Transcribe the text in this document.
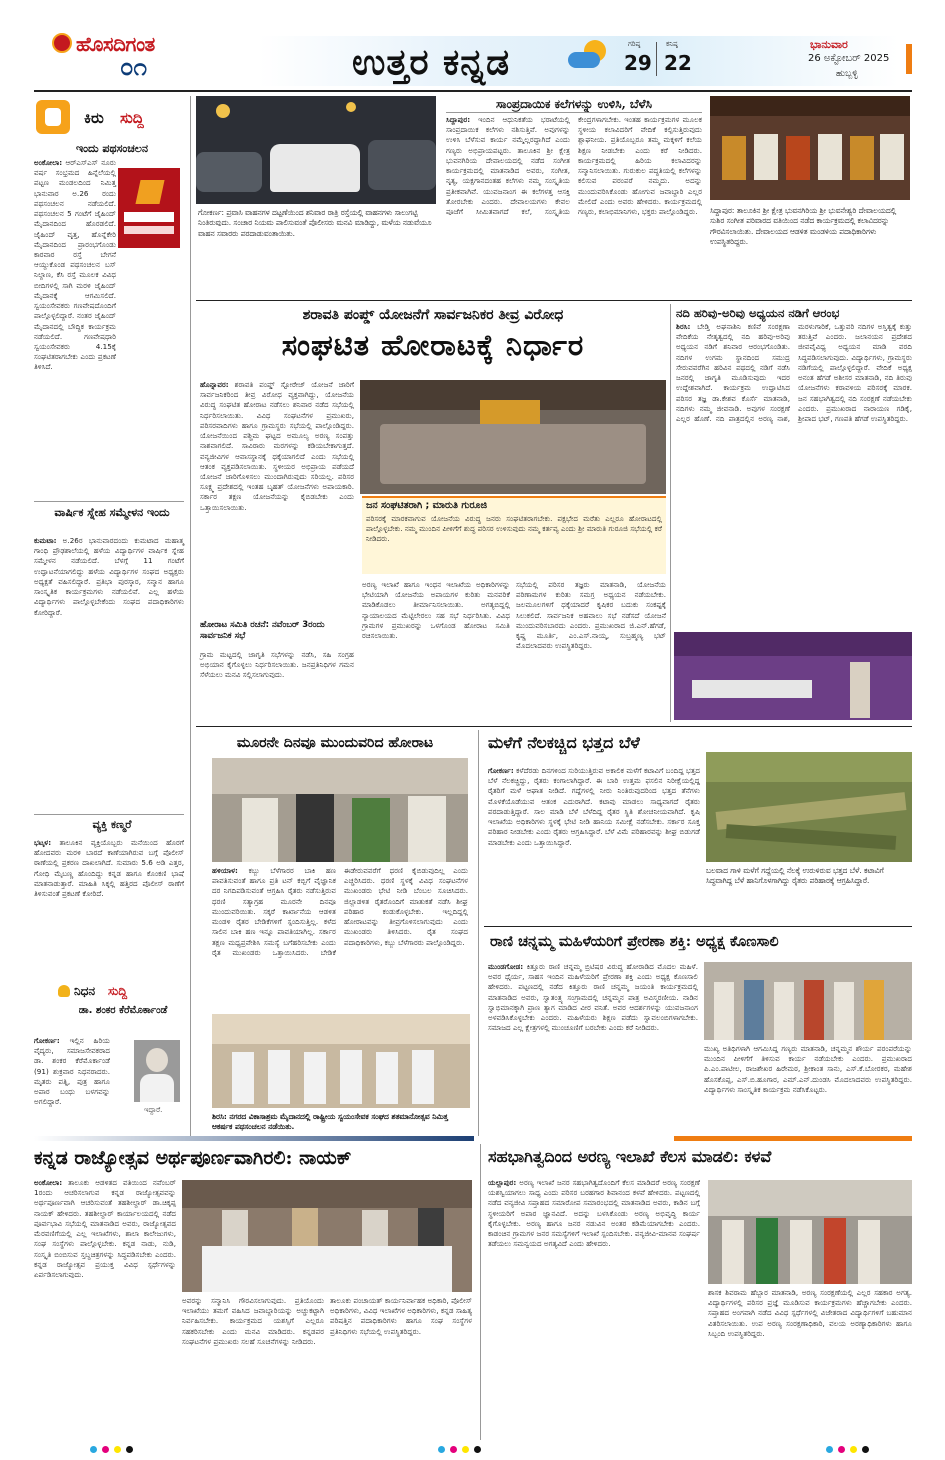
ಹೊಸದಿಗಂತ
೦೧	ಉತ್ತರ ಕನ್ನಡ	ಗರಿಷ್ಠ
29
ಕನಿಷ್ಠ
22
ಭಾನುವಾರ
26 ಅಕ್ಟೋಬರ್ 2025
ಹುಬ್ಬಳ್ಳಿ
ಕಿರು ಸುದ್ದಿ
ಇಂದು ಪಥಸಂಚಲನ
ಅಂಕೋಲಾ: ಆರ್‌ಎಸ್‌ಎಸ್ ನೂರು ವರ್ಷ ಸಂಭ್ರಮದ ಹಿನ್ನೆಲೆಯಲ್ಲಿ ಪಟ್ಟಣ ಮಂಡಲದಿಂದ ನಿಮಿತ್ತ ಭಾನುವಾರ ಅ.26 ರಂದು ಪಥಸಂಚಲನ ನಡೆಯಲಿದೆ. ಪಥಸಂಚಲನ 5 ಗಂಟೆಗೆ ಜೈಹಿಂದ್ ಮೈದಾನದಿಂದ ಹೊರಡಲಿದೆ. ಜೈಹಿಂದ್ ವೃತ್ತ, ಹೊನ್ನೆಕೇರಿ ಮೈದಾನದಿಂದ ಪ್ರಾರಂಭಗೊಂಡು ಕಾರವಾರ ರಸ್ತೆ ಬೇಗನೆ ಆಯ್ದುಕೊಂಡ ಪಥಸಂಚಲನ ಬಸ್ ನಿಲ್ದಾಣ, ಕೆಸಿ ರಸ್ತೆ ಮೂಲಕ ವಿವಿಧ ಬೀದಿಗಳಲ್ಲಿ ಸಾಗಿ ಮರಳಿ ಜೈಹಿಂದ್ ಮೈದಾನಕ್ಕೆ ಆಗಮಿಸಲಿದೆ. ಸ್ವಯಂಸೇವಕರು ಗಣವೇಷದೊಂದಿಗೆ ಪಾಲ್ಗೊಳ್ಳಲಿದ್ದಾರೆ. ನಂತರ ಜೈಹಿಂದ್ ಮೈದಾನದಲ್ಲಿ ಬೌದ್ಧಿಕ ಕಾರ್ಯಕ್ರಮ ನಡೆಯಲಿದೆ. ಗಣವೇಷಧಾರಿ ಸ್ವಯಂಸೇವಕರು 4.15ಕ್ಕೆ ಸಂಘಟಿತರಾಗಬೇಕು ಎಂದು ಪ್ರಕಟಣೆ ತಿಳಿಸಿದೆ.
ವಾರ್ಷಿಕ ಸ್ನೇಹ ಸಮ್ಮೇಳನ ಇಂದು
ಕುಮಟಾ: ಅ.26ರ ಭಾನುವಾರದಂದು ಕುಮಟಾದ ಮಹಾತ್ಮ ಗಾಂಧಿ ಪ್ರೌಢಶಾಲೆಯಲ್ಲಿ ಹಳೆಯ ವಿದ್ಯಾರ್ಥಿಗಳ ವಾರ್ಷಿಕ ಸ್ನೇಹ ಸಮ್ಮೇಳನ ನಡೆಯಲಿದೆ. ಬೆಳಗ್ಗೆ 11 ಗಂಟೆಗೆ ಉದ್ಘಾಟನೆಯಾಗಲಿದ್ದು ಹಳೆಯ ವಿದ್ಯಾರ್ಥಿಗಳ ಸಂಘದ ಅಧ್ಯಕ್ಷರು ಅಧ್ಯಕ್ಷತೆ ವಹಿಸಲಿದ್ದಾರೆ. ಪ್ರತಿಭಾ ಪುರಸ್ಕಾರ, ಸನ್ಮಾನ ಹಾಗೂ ಸಾಂಸ್ಕೃತಿಕ ಕಾರ್ಯಕ್ರಮಗಳು ನಡೆಯಲಿವೆ. ಎಲ್ಲ ಹಳೆಯ ವಿದ್ಯಾರ್ಥಿಗಳು ಪಾಲ್ಗೊಳ್ಳಬೇಕೆಂದು ಸಂಘದ ಪದಾಧಿಕಾರಿಗಳು ಕೋರಿದ್ದಾರೆ.
ವ್ಯಕ್ತಿ ಕಣ್ಮರೆ
ಭಟ್ಕಳ: ತಾಲೂಕಿನ ವ್ಯಕ್ತಿಯೊಬ್ಬರು ಮನೆಯಿಂದ ಹೊರಗೆ ಹೋದವರು ಮರಳಿ ಬಾರದೆ ಕಾಣೆಯಾಗಿರುವ ಬಗ್ಗೆ ಪೊಲೀಸ್ ಠಾಣೆಯಲ್ಲಿ ಪ್ರಕರಣ ದಾಖಲಾಗಿದೆ. ಸುಮಾರು 5.6 ಅಡಿ ಎತ್ತರ, ಗೋಧಿ ಮೈಬಣ್ಣ ಹೊಂದಿದ್ದು ಕನ್ನಡ ಹಾಗೂ ಕೊಂಕಣಿ ಭಾಷೆ ಮಾತನಾಡುತ್ತಾರೆ. ಮಾಹಿತಿ ಸಿಕ್ಕಲ್ಲಿ ಹತ್ತಿರದ ಪೊಲೀಸ್ ಠಾಣೆಗೆ ತಿಳಿಸುವಂತೆ ಪ್ರಕಟಣೆ ಕೋರಿದೆ.
ನಿಧನ ಸುದ್ದಿ
ಡಾ. ಶಂಕರ ಕೆರೆಮೊರ್ಕಾಂಡೆ
ಗೋಕರ್ಣ: ಇಲ್ಲಿನ ಹಿರಿಯ ವೈದ್ಯರು, ಸಮಾಜಸೇವಕರಾದ ಡಾ. ಶಂಕರ ಕೆರೆಮೊರ್ಕಾಂಡೆ (91) ಶುಕ್ರವಾರ ನಿಧನರಾದರು. ಮೃತರು ಪತ್ನಿ, ಪುತ್ರ ಹಾಗೂ ಅಪಾರ ಬಂಧು ಬಳಗವನ್ನು ಅಗಲಿದ್ದಾರೆ.
ಇದ್ದಾರೆ.
ಗೋಕರ್ಣ: ಪ್ರವಾಸಿ ವಾಹನಗಳ ದಟ್ಟಣೆಯಿಂದ ಶನಿವಾರ ರಾತ್ರಿ ರಸ್ತೆಯಲ್ಲಿ ವಾಹನಗಳು ಸಾಲುಗಟ್ಟಿ ನಿಂತಿರುವುದು. ಸಂಚಾರ ನಿಯಮ ಪಾಲಿಸುವಂತೆ ಪೊಲೀಸರು ಮನವಿ ಮಾಡಿದ್ದು, ಮಳೆಯ ನಡುವೆಯೂ ವಾಹನ ಸವಾರರು ಪರದಾಡುವಂತಾಯಿತು.
ಸಾಂಪ್ರದಾಯಿಕ ಕಲೆಗಳನ್ನು ಉಳಿಸಿ, ಬೆಳೆಸಿ
ಸಿದ್ದಾಪುರ: ಇಂದಿನ ಆಧುನಿಕತೆಯ ಭರಾಟೆಯಲ್ಲಿ ಸಾಂಪ್ರದಾಯಿಕ ಕಲೆಗಳು ನಶಿಸುತ್ತಿವೆ. ಅವುಗಳನ್ನು ಉಳಿಸಿ ಬೆಳೆಸುವ ಕಾರ್ಯ ನಮ್ಮೆಲ್ಲರದ್ದಾಗಿದೆ ಎಂದು ಗಣ್ಯರು ಅಭಿಪ್ರಾಯಪಟ್ಟರು. ತಾಲೂಕಿನ ಶ್ರೀ ಕ್ಷೇತ್ರ ಭುವನಗಿರಿಯ ದೇವಾಲಯದಲ್ಲಿ ನಡೆದ ಸಂಗೀತ ಕಾರ್ಯಕ್ರಮದಲ್ಲಿ ಮಾತನಾಡಿದ ಅವರು, ಸಂಗೀತ, ನೃತ್ಯ, ಯಕ್ಷಗಾನದಂತಹ ಕಲೆಗಳು ನಮ್ಮ ಸಂಸ್ಕೃತಿಯ ಪ್ರತೀಕವಾಗಿವೆ. ಯುವಜನಾಂಗ ಈ ಕಲೆಗಳತ್ತ ಆಸಕ್ತಿ ತೋರಬೇಕು ಎಂದರು. ದೇವಾಲಯಗಳು ಕೇವಲ ಪೂಜೆಗೆ ಸೀಮಿತವಾಗದೆ ಕಲೆ, ಸಂಸ್ಕೃತಿಯ ಕೇಂದ್ರಗಳಾಗಬೇಕು. ಇಂತಹ ಕಾರ್ಯಕ್ರಮಗಳ ಮೂಲಕ ಸ್ಥಳೀಯ ಕಲಾವಿದರಿಗೆ ವೇದಿಕೆ ಕಲ್ಪಿಸುತ್ತಿರುವುದು ಶ್ಲಾಘನೀಯ. ಪ್ರತಿಯೊಬ್ಬರೂ ತಮ್ಮ ಮಕ್ಕಳಿಗೆ ಕಲೆಯ ಶಿಕ್ಷಣ ನೀಡಬೇಕು ಎಂದು ಕರೆ ನೀಡಿದರು. ಕಾರ್ಯಕ್ರಮದಲ್ಲಿ ಹಿರಿಯ ಕಲಾವಿದರನ್ನು ಸನ್ಮಾನಿಸಲಾಯಿತು. ಗುರುಕುಲ ಪದ್ಧತಿಯಲ್ಲಿ ಕಲೆಗಳನ್ನು ಕಲಿಸುವ ಪರಂಪರೆ ನಮ್ಮದು. ಅದನ್ನು ಮುಂದುವರಿಸಿಕೊಂಡು ಹೋಗುವ ಜವಾಬ್ದಾರಿ ಎಲ್ಲರ ಮೇಲಿದೆ ಎಂದು ಅವರು ಹೇಳಿದರು. ಕಾರ್ಯಕ್ರಮದಲ್ಲಿ ಗಣ್ಯರು, ಕಲಾಭಿಮಾನಿಗಳು, ಭಕ್ತರು ಪಾಲ್ಗೊಂಡಿದ್ದರು.	ಸಿದ್ದಾಪುರ: ತಾಲೂಕಿನ ಶ್ರೀ ಕ್ಷೇತ್ರ ಭುವನಗಿರಿಯ ಶ್ರೀ ಭುವನೇಶ್ವರಿ ದೇವಾಲಯದಲ್ಲಿ ಸುಶಿರ ಸಂಗೀತ ಪರಿವಾರದ ವತಿಯಿಂದ ನಡೆದ ಕಾರ್ಯಕ್ರಮದಲ್ಲಿ ಕಲಾವಿದರನ್ನು ಗೌರವಿಸಲಾಯಿತು. ದೇವಾಲಯದ ಆಡಳಿತ ಮಂಡಳಿಯ ಪದಾಧಿಕಾರಿಗಳು ಉಪಸ್ಥಿತರಿದ್ದರು.
ಶರಾವತಿ ಪಂಪ್ಡ್ ಯೋಜನೆಗೆ ಸಾರ್ವಜನಿಕರ ತೀವ್ರ ವಿರೋಧ
ಸಂಘಟಿತ ಹೋರಾಟಕ್ಕೆ ನಿರ್ಧಾರ
ಹೊನ್ನಾವರ: ಶರಾವತಿ ಪಂಪ್ಡ್ ಸ್ಟೋರೇಜ್ ಯೋಜನೆ ಜಾರಿಗೆ ಸಾರ್ವಜನಿಕರಿಂದ ತೀವ್ರ ವಿರೋಧ ವ್ಯಕ್ತವಾಗಿದ್ದು, ಯೋಜನೆಯ ವಿರುದ್ಧ ಸಂಘಟಿತ ಹೋರಾಟ ನಡೆಸಲು ಶನಿವಾರ ನಡೆದ ಸಭೆಯಲ್ಲಿ ನಿರ್ಧರಿಸಲಾಯಿತು. ವಿವಿಧ ಸಂಘಟನೆಗಳ ಪ್ರಮುಖರು, ಪರಿಸರವಾದಿಗಳು ಹಾಗೂ ಗ್ರಾಮಸ್ಥರು ಸಭೆಯಲ್ಲಿ ಪಾಲ್ಗೊಂಡಿದ್ದರು. ಯೋಜನೆಯಿಂದ ಪಶ್ಚಿಮ ಘಟ್ಟದ ಅಮೂಲ್ಯ ಅರಣ್ಯ ಸಂಪತ್ತು ನಾಶವಾಗಲಿದೆ. ಸಾವಿರಾರು ಮರಗಳನ್ನು ಕಡಿಯಬೇಕಾಗುತ್ತದೆ. ವನ್ಯಜೀವಿಗಳ ಆವಾಸಸ್ಥಾನಕ್ಕೆ ಧಕ್ಕೆಯಾಗಲಿದೆ ಎಂದು ಸಭೆಯಲ್ಲಿ ಆತಂಕ ವ್ಯಕ್ತಪಡಿಸಲಾಯಿತು. ಸ್ಥಳೀಯರ ಅಭಿಪ್ರಾಯ ಪಡೆಯದೆ ಯೋಜನೆ ಜಾರಿಗೊಳಿಸಲು ಮುಂದಾಗಿರುವುದು ಸರಿಯಲ್ಲ. ಪರಿಸರ ಸೂಕ್ಷ್ಮ ಪ್ರದೇಶದಲ್ಲಿ ಇಂತಹ ಬೃಹತ್ ಯೋಜನೆಗಳು ಅಪಾಯಕಾರಿ. ಸರ್ಕಾರ ತಕ್ಷಣ ಯೋಜನೆಯನ್ನು ಕೈಬಿಡಬೇಕು ಎಂದು ಒತ್ತಾಯಿಸಲಾಯಿತು.
ಹೋರಾಟ ಸಮಿತಿ ರಚನೆ: ನವೆಂಬರ್ 3ರಂದು ಸಾರ್ವಜನಿಕ ಸಭೆ
ಗ್ರಾಮ ಮಟ್ಟದಲ್ಲಿ ಜಾಗೃತಿ ಸಭೆಗಳನ್ನು ನಡೆಸಿ, ಸಹಿ ಸಂಗ್ರಹ ಅಭಿಯಾನ ಕೈಗೊಳ್ಳಲು ನಿರ್ಧರಿಸಲಾಯಿತು. ಜನಪ್ರತಿನಿಧಿಗಳ ಗಮನ ಸೆಳೆಯಲು ಮನವಿ ಸಲ್ಲಿಸಲಾಗುವುದು.
ಜನ ಸಂಘಟಿತರಾಗಿ ; ಮಾರುತಿ ಗುರೂಜಿ
ಪರಿಸರಕ್ಕೆ ಮಾರಕವಾಗುವ ಯೋಜನೆಯ ವಿರುದ್ಧ ಜನರು ಸಂಘಟಿತರಾಗಬೇಕು. ಪಕ್ಷಭೇದ ಮರೆತು ಎಲ್ಲರೂ ಹೋರಾಟದಲ್ಲಿ ಪಾಲ್ಗೊಳ್ಳಬೇಕು. ನಮ್ಮ ಮುಂದಿನ ಪೀಳಿಗೆಗೆ ಶುದ್ಧ ಪರಿಸರ ಉಳಿಸುವುದು ನಮ್ಮ ಕರ್ತವ್ಯ ಎಂದು ಶ್ರೀ ಮಾರುತಿ ಗುರೂಜಿ ಸಭೆಯಲ್ಲಿ ಕರೆ ನೀಡಿದರು.
ಅರಣ್ಯ ಇಲಾಖೆ ಹಾಗೂ ಇಂಧನ ಇಲಾಖೆಯ ಅಧಿಕಾರಿಗಳನ್ನು ಭೇಟಿಯಾಗಿ ಯೋಜನೆಯ ಅಪಾಯಗಳ ಕುರಿತು ಮನವರಿಕೆ ಮಾಡಿಕೊಡಲು ತೀರ್ಮಾನಿಸಲಾಯಿತು. ಅಗತ್ಯಬಿದ್ದಲ್ಲಿ ನ್ಯಾಯಾಲಯದ ಮೆಟ್ಟಿಲೇರಲು ಸಹ ಸಭೆ ನಿರ್ಧರಿಸಿತು. ವಿವಿಧ ಗ್ರಾಮಗಳ ಪ್ರಮುಖರನ್ನು ಒಳಗೊಂಡ ಹೋರಾಟ ಸಮಿತಿ ರಚಿಸಲಾಯಿತು.
ಸಭೆಯಲ್ಲಿ ಪರಿಸರ ತಜ್ಞರು ಮಾತನಾಡಿ, ಯೋಜನೆಯ ಪರಿಣಾಮಗಳ ಕುರಿತು ಸಮಗ್ರ ಅಧ್ಯಯನ ನಡೆಯಬೇಕು. ಜಲಮೂಲಗಳಿಗೆ ಧಕ್ಕೆಯಾದರೆ ಕೃಷಿಕರ ಬದುಕು ಸಂಕಷ್ಟಕ್ಕೆ ಸಿಲುಕಲಿದೆ. ಸಾರ್ವಜನಿಕ ಅಹವಾಲು ಸಭೆ ನಡೆಸದೆ ಯೋಜನೆ ಮುಂದುವರಿಸಬಾರದು ಎಂದರು. ಪ್ರಮುಖರಾದ ಜಿ.ಎನ್.ಹೆಗಡೆ, ಕೃಷ್ಣ ಮೂರ್ತಿ, ಎಂ.ಎಸ್.ನಾಯ್ಕ, ಸುಬ್ರಹ್ಮಣ್ಯ ಭಟ್ ಮೊದಲಾದವರು ಉಪಸ್ಥಿತರಿದ್ದರು.
ನದಿ ಹರಿವು-ಅರಿವು ಅಧ್ಯಯನ ನಡಿಗೆ ಆರಂಭ
ಶಿರಸಿ: ಬೇಡ್ತಿ ಅಘನಾಶಿನಿ ಕಣಿವೆ ಸಂರಕ್ಷಣಾ ವೇದಿಕೆಯ ನೇತೃತ್ವದಲ್ಲಿ ನದಿ ಹರಿವು-ಅರಿವು ಅಧ್ಯಯನ ನಡಿಗೆ ಶನಿವಾರ ಆರಂಭಗೊಂಡಿತು. ನದಿಗಳ ಉಗಮ ಸ್ಥಾನದಿಂದ ಸಮುದ್ರ ಸೇರುವವರೆಗಿನ ಹರಿವಿನ ಪಥದಲ್ಲಿ ನಡಿಗೆ ನಡೆಸಿ ಜನರಲ್ಲಿ ಜಾಗೃತಿ ಮೂಡಿಸುವುದು ಇದರ ಉದ್ದೇಶವಾಗಿದೆ. ಕಾರ್ಯಕ್ರಮ ಉದ್ಘಾಟಿಸಿದ ಪರಿಸರ ತಜ್ಞ ಡಾ.ಕೇಶವ ಕೊರ್ಸೆ ಮಾತನಾಡಿ, ನದಿಗಳು ನಮ್ಮ ಜೀವನಾಡಿ. ಅವುಗಳ ಸಂರಕ್ಷಣೆ ಎಲ್ಲರ ಹೊಣೆ. ನದಿ ಪಾತ್ರದಲ್ಲಿನ ಅರಣ್ಯ ನಾಶ, ಮರಳುಗಾರಿಕೆ, ಒತ್ತುವರಿ ನದಿಗಳ ಅಸ್ತಿತ್ವಕ್ಕೆ ಕುತ್ತು ತರುತ್ತಿವೆ ಎಂದರು. ಜಲಾನಯನ ಪ್ರದೇಶದ ಜೀವವೈವಿಧ್ಯ ಅಧ್ಯಯನ ಮಾಡಿ ವರದಿ ಸಿದ್ಧಪಡಿಸಲಾಗುವುದು. ವಿದ್ಯಾರ್ಥಿಗಳು, ಗ್ರಾಮಸ್ಥರು ನಡಿಗೆಯಲ್ಲಿ ಪಾಲ್ಗೊಳ್ಳಲಿದ್ದಾರೆ. ವೇದಿಕೆ ಅಧ್ಯಕ್ಷ ಅನಂತ ಹೆಗಡೆ ಅಶೀಸರ ಮಾತನಾಡಿ, ನದಿ ತಿರುವು ಯೋಜನೆಗಳು ಕರಾವಳಿಯ ಪರಿಸರಕ್ಕೆ ಮಾರಕ. ಜನ ಸಹಭಾಗಿತ್ವದಲ್ಲಿ ನದಿ ಸಂರಕ್ಷಣೆ ನಡೆಯಬೇಕು ಎಂದರು. ಪ್ರಮುಖರಾದ ನಾರಾಯಣ ಗಡಿಕೈ, ಶ್ರೀಪಾದ ಭಟ್, ಗಣಪತಿ ಹೆಗಡೆ ಉಪಸ್ಥಿತರಿದ್ದರು.
ಮೂರನೇ ದಿನವೂ ಮುಂದುವರಿದ ಹೋರಾಟ
ಹಳಿಯಾಳ: ಕಬ್ಬು ಬೆಳೆಗಾರರ ಬಾಕಿ ಹಣ ಪಾವತಿಸುವಂತೆ ಹಾಗೂ ಪ್ರತಿ ಟನ್ ಕಬ್ಬಿಗೆ ವೈಜ್ಞಾನಿಕ ದರ ನಿಗದಿಪಡಿಸುವಂತೆ ಆಗ್ರಹಿಸಿ ರೈತರು ನಡೆಸುತ್ತಿರುವ ಧರಣಿ ಸತ್ಯಾಗ್ರಹ ಮೂರನೇ ದಿನವೂ ಮುಂದುವರಿಯಿತು. ಸಕ್ಕರೆ ಕಾರ್ಖಾನೆಯ ಆಡಳಿತ ಮಂಡಳಿ ರೈತರ ಬೇಡಿಕೆಗಳಿಗೆ ಸ್ಪಂದಿಸುತ್ತಿಲ್ಲ. ಕಳೆದ ಸಾಲಿನ ಬಾಕಿ ಹಣ ಇನ್ನೂ ಪಾವತಿಯಾಗಿಲ್ಲ. ಸರ್ಕಾರ ತಕ್ಷಣ ಮಧ್ಯಪ್ರವೇಶಿಸಿ ಸಮಸ್ಯೆ ಬಗೆಹರಿಸಬೇಕು ಎಂದು ರೈತ ಮುಖಂಡರು ಒತ್ತಾಯಿಸಿದರು. ಬೇಡಿಕೆ ಈಡೇರುವವರೆಗೆ ಧರಣಿ ಕೈಬಿಡುವುದಿಲ್ಲ ಎಂದು ಎಚ್ಚರಿಸಿದರು. ಧರಣಿ ಸ್ಥಳಕ್ಕೆ ವಿವಿಧ ಸಂಘಟನೆಗಳ ಮುಖಂಡರು ಭೇಟಿ ನೀಡಿ ಬೆಂಬಲ ಸೂಚಿಸಿದರು. ಜಿಲ್ಲಾಡಳಿತ ರೈತರೊಂದಿಗೆ ಮಾತುಕತೆ ನಡೆಸಿ ಶೀಘ್ರ ಪರಿಹಾರ ಕಂಡುಕೊಳ್ಳಬೇಕು. ಇಲ್ಲದಿದ್ದಲ್ಲಿ ಹೋರಾಟವನ್ನು ತೀವ್ರಗೊಳಿಸಲಾಗುವುದು ಎಂದು ಮುಖಂಡರು ತಿಳಿಸಿದರು. ರೈತ ಸಂಘದ ಪದಾಧಿಕಾರಿಗಳು, ಕಬ್ಬು ಬೆಳೆಗಾರರು ಪಾಲ್ಗೊಂಡಿದ್ದರು.
ಶಿರಸಿ: ನಗರದ ವಿಕಾಸಾಶ್ರಮ ಮೈದಾನದಲ್ಲಿ ರಾಷ್ಟ್ರೀಯ ಸ್ವಯಂಸೇವಕ ಸಂಘದ ಶತಮಾನೋತ್ಸವ ನಿಮಿತ್ತ ಆಕರ್ಷಕ ಪಥಸಂಚಲನ ನಡೆಯಿತು.
ಮಳೆಗೆ ನೆಲಕಚ್ಚಿದ ಭತ್ತದ ಬೆಳೆ
ಗೋಕರ್ಣ: ಕಳೆದೆರಡು ದಿನಗಳಿಂದ ಸುರಿಯುತ್ತಿರುವ ಅಕಾಲಿಕ ಮಳೆಗೆ ಕಟಾವಿಗೆ ಬಂದಿದ್ದ ಭತ್ತದ ಬೆಳೆ ನೆಲಕಚ್ಚಿದ್ದು, ರೈತರು ಕಂಗಾಲಾಗಿದ್ದಾರೆ. ಈ ಬಾರಿ ಉತ್ತಮ ಫಸಲಿನ ನಿರೀಕ್ಷೆಯಲ್ಲಿದ್ದ ರೈತರಿಗೆ ಮಳೆ ಆಘಾತ ನೀಡಿದೆ. ಗದ್ದೆಗಳಲ್ಲಿ ನೀರು ನಿಂತಿರುವುದರಿಂದ ಭತ್ತದ ತೆನೆಗಳು ಮೊಳಕೆಯೊಡೆಯುವ ಆತಂಕ ಎದುರಾಗಿದೆ. ಕಟಾವು ಮಾಡಲು ಸಾಧ್ಯವಾಗದೆ ರೈತರು ಪರದಾಡುತ್ತಿದ್ದಾರೆ. ಸಾಲ ಮಾಡಿ ಬೆಳೆ ಬೆಳೆದಿದ್ದ ರೈತರ ಸ್ಥಿತಿ ಶೋಚನೀಯವಾಗಿದೆ. ಕೃಷಿ ಇಲಾಖೆಯ ಅಧಿಕಾರಿಗಳು ಸ್ಥಳಕ್ಕೆ ಭೇಟಿ ನೀಡಿ ಹಾನಿಯ ಸಮೀಕ್ಷೆ ನಡೆಸಬೇಕು. ಸರ್ಕಾರ ಸೂಕ್ತ ಪರಿಹಾರ ನೀಡಬೇಕು ಎಂದು ರೈತರು ಆಗ್ರಹಿಸಿದ್ದಾರೆ. ಬೆಳೆ ವಿಮೆ ಪರಿಹಾರವನ್ನು ಶೀಘ್ರ ಬಿಡುಗಡೆ ಮಾಡಬೇಕು ಎಂದು ಒತ್ತಾಯಿಸಿದ್ದಾರೆ.
ಬಲವಾದ ಗಾಳಿ ಮಳೆಗೆ ಗದ್ದೆಯಲ್ಲಿ ನೆಲಕ್ಕೆ ಉರುಳಿರುವ ಭತ್ತದ ಬೆಳೆ. ಕಟಾವಿಗೆ ಸಿದ್ಧವಾಗಿದ್ದ ಬೆಳೆ ಹಾನಿಗೊಳಗಾಗಿದ್ದು ರೈತರು ಪರಿಹಾರಕ್ಕೆ ಆಗ್ರಹಿಸಿದ್ದಾರೆ.
ರಾಣಿ ಚನ್ನಮ್ಮ ಮಹಿಳೆಯರಿಗೆ ಪ್ರೇರಣಾ ಶಕ್ತಿ: ಅಧ್ಯಕ್ಷ ಕೊಣಸಾಲಿ
ಮುಂಡಗೋಡ: ಕಿತ್ತೂರು ರಾಣಿ ಚನ್ನಮ್ಮ ಬ್ರಿಟಿಷರ ವಿರುದ್ಧ ಹೋರಾಡಿದ ಮೊದಲ ಮಹಿಳೆ. ಅವರ ಧೈರ್ಯ, ಸಾಹಸ ಇಂದಿನ ಮಹಿಳೆಯರಿಗೆ ಪ್ರೇರಣಾ ಶಕ್ತಿ ಎಂದು ಅಧ್ಯಕ್ಷ ಕೊಣಸಾಲಿ ಹೇಳಿದರು. ಪಟ್ಟಣದಲ್ಲಿ ನಡೆದ ಕಿತ್ತೂರು ರಾಣಿ ಚನ್ನಮ್ಮ ಜಯಂತಿ ಕಾರ್ಯಕ್ರಮದಲ್ಲಿ ಮಾತನಾಡಿದ ಅವರು, ಸ್ವಾತಂತ್ರ್ಯ ಸಂಗ್ರಾಮದಲ್ಲಿ ಚನ್ನಮ್ಮನ ಪಾತ್ರ ಅವಿಸ್ಮರಣೀಯ. ನಾಡಿನ ಸ್ವಾಭಿಮಾನಕ್ಕಾಗಿ ಪ್ರಾಣ ತ್ಯಾಗ ಮಾಡಿದ ವೀರ ವನಿತೆ. ಅವರ ಆದರ್ಶಗಳನ್ನು ಯುವಜನಾಂಗ ಅಳವಡಿಸಿಕೊಳ್ಳಬೇಕು ಎಂದರು. ಮಹಿಳೆಯರು ಶಿಕ್ಷಣ ಪಡೆದು ಸ್ವಾವಲಂಬಿಗಳಾಗಬೇಕು. ಸಮಾಜದ ಎಲ್ಲ ಕ್ಷೇತ್ರಗಳಲ್ಲಿ ಮುಂಚೂಣಿಗೆ ಬರಬೇಕು ಎಂದು ಕರೆ ನೀಡಿದರು.
ಮುಖ್ಯ ಅತಿಥಿಗಳಾಗಿ ಆಗಮಿಸಿದ್ದ ಗಣ್ಯರು ಮಾತನಾಡಿ, ಚನ್ನಮ್ಮನ ಶೌರ್ಯ ಪರಂಪರೆಯನ್ನು ಮುಂದಿನ ಪೀಳಿಗೆಗೆ ತಿಳಿಸುವ ಕಾರ್ಯ ನಡೆಯಬೇಕು ಎಂದರು. ಪ್ರಮುಖರಾದ ಪಿ.ಎಂ.ಪಾಟೀಲ, ರಾಜಶೇಖರ ಹಿರೇಮಠ, ಶ್ರೀಕಾಂತ ಸಾನು, ಎಸ್.ಕೆ.ಬೋರಕರ, ಮಹೇಶ ಹೊಸಕೊಪ್ಪ, ಎಸ್.ಬಿ.ಹೂಗಾರ, ಎಮ್.ಎನ್.ದುಂಡಸಿ ಮೊದಲಾದವರು ಉಪಸ್ಥಿತರಿದ್ದರು. ವಿದ್ಯಾರ್ಥಿಗಳು ಸಾಂಸ್ಕೃತಿಕ ಕಾರ್ಯಕ್ರಮ ನಡೆಸಿಕೊಟ್ಟರು.
ಕನ್ನಡ ರಾಜ್ಯೋತ್ಸವ ಅರ್ಥಪೂರ್ಣವಾಗಿರಲಿ: ನಾಯಕ್
ಅಂಕೋಲಾ: ತಾಲೂಕು ಆಡಳಿತದ ವತಿಯಿಂದ ನವೆಂಬರ್ 1ರಂದು ಆಚರಿಸಲಾಗುವ ಕನ್ನಡ ರಾಜ್ಯೋತ್ಸವವನ್ನು ಅರ್ಥಪೂರ್ಣವಾಗಿ ಆಚರಿಸುವಂತೆ ತಹಶೀಲ್ದಾರ್ ಡಾ.ಚಿಕ್ಕಪ್ಪ ನಾಯಕ್ ಹೇಳಿದರು. ತಹಶೀಲ್ದಾರ್ ಕಾರ್ಯಾಲಯದಲ್ಲಿ ನಡೆದ ಪೂರ್ವಭಾವಿ ಸಭೆಯಲ್ಲಿ ಮಾತನಾಡಿದ ಅವರು, ರಾಜ್ಯೋತ್ಸವದ ಮೆರವಣಿಗೆಯಲ್ಲಿ ಎಲ್ಲ ಇಲಾಖೆಗಳು, ಶಾಲಾ ಕಾಲೇಜುಗಳು, ಸಂಘ ಸಂಸ್ಥೆಗಳು ಪಾಲ್ಗೊಳ್ಳಬೇಕು. ಕನ್ನಡ ನಾಡು, ನುಡಿ, ಸಂಸ್ಕೃತಿ ಬಿಂಬಿಸುವ ಸ್ತಬ್ಧಚಿತ್ರಗಳನ್ನು ಸಿದ್ಧಪಡಿಸಬೇಕು ಎಂದರು. ಕನ್ನಡ ರಾಜ್ಯೋತ್ಸವ ಪ್ರಯುಕ್ತ ವಿವಿಧ ಸ್ಪರ್ಧೆಗಳನ್ನು ಏರ್ಪಡಿಸಲಾಗುವುದು.
ಅವರನ್ನು ಸನ್ಮಾನಿಸಿ ಗೌರವಿಸಲಾಗುವುದು. ಪ್ರತಿಯೊಂದು ಇಲಾಖೆಯು ತಮಗೆ ವಹಿಸಿದ ಜವಾಬ್ದಾರಿಯನ್ನು ಅಚ್ಚುಕಟ್ಟಾಗಿ ನಿರ್ವಹಿಸಬೇಕು. ಕಾರ್ಯಕ್ರಮದ ಯಶಸ್ಸಿಗೆ ಎಲ್ಲರೂ ಸಹಕರಿಸಬೇಕು ಎಂದು ಮನವಿ ಮಾಡಿದರು. ಕನ್ನಡಪರ ಸಂಘಟನೆಗಳ ಪ್ರಮುಖರು ಸಲಹೆ ಸೂಚನೆಗಳನ್ನು ನೀಡಿದರು.
ತಾಲೂಕು ಪಂಚಾಯತ್ ಕಾರ್ಯನಿರ್ವಾಹಕ ಅಧಿಕಾರಿ, ಪೊಲೀಸ್ ಅಧಿಕಾರಿಗಳು, ವಿವಿಧ ಇಲಾಖೆಗಳ ಅಧಿಕಾರಿಗಳು, ಕನ್ನಡ ಸಾಹಿತ್ಯ ಪರಿಷತ್ತಿನ ಪದಾಧಿಕಾರಿಗಳು ಹಾಗೂ ಸಂಘ ಸಂಸ್ಥೆಗಳ ಪ್ರತಿನಿಧಿಗಳು ಸಭೆಯಲ್ಲಿ ಉಪಸ್ಥಿತರಿದ್ದರು.
ಸಹಭಾಗಿತ್ವದಿಂದ ಅರಣ್ಯ ಇಲಾಖೆ ಕೆಲಸ ಮಾಡಲಿ: ಕಳವೆ
ಯಲ್ಲಾಪುರ: ಅರಣ್ಯ ಇಲಾಖೆ ಜನರ ಸಹಭಾಗಿತ್ವದೊಂದಿಗೆ ಕೆಲಸ ಮಾಡಿದರೆ ಅರಣ್ಯ ಸಂರಕ್ಷಣೆ ಯಶಸ್ವಿಯಾಗಲು ಸಾಧ್ಯ ಎಂದು ಪರಿಸರ ಬರಹಗಾರ ಶಿವಾನಂದ ಕಳವೆ ಹೇಳಿದರು. ಪಟ್ಟಣದಲ್ಲಿ ನಡೆದ ವನ್ಯಜೀವಿ ಸಪ್ತಾಹದ ಸಮಾರೋಪ ಸಮಾರಂಭದಲ್ಲಿ ಮಾತನಾಡಿದ ಅವರು, ಕಾಡಿನ ಬಗ್ಗೆ ಸ್ಥಳೀಯರಿಗೆ ಅಪಾರ ಜ್ಞಾನವಿದೆ. ಅದನ್ನು ಬಳಸಿಕೊಂಡು ಅರಣ್ಯ ಅಭಿವೃದ್ಧಿ ಕಾರ್ಯ ಕೈಗೊಳ್ಳಬೇಕು. ಅರಣ್ಯ ಹಾಗೂ ಜನರ ನಡುವಿನ ಅಂತರ ಕಡಿಮೆಯಾಗಬೇಕು ಎಂದರು. ಕಾಡಂಚಿನ ಗ್ರಾಮಗಳ ಜನರ ಸಮಸ್ಯೆಗಳಿಗೆ ಇಲಾಖೆ ಸ್ಪಂದಿಸಬೇಕು. ವನ್ಯಜೀವಿ-ಮಾನವ ಸಂಘರ್ಷ ತಡೆಯಲು ಸಮನ್ವಯದ ಅಗತ್ಯವಿದೆ ಎಂದು ಹೇಳಿದರು.
ಶಾಸಕ ಶಿವರಾಮ ಹೆಬ್ಬಾರ ಮಾತನಾಡಿ, ಅರಣ್ಯ ಸಂರಕ್ಷಣೆಯಲ್ಲಿ ಎಲ್ಲರ ಸಹಕಾರ ಅಗತ್ಯ. ವಿದ್ಯಾರ್ಥಿಗಳಲ್ಲಿ ಪರಿಸರ ಪ್ರಜ್ಞೆ ಮೂಡಿಸುವ ಕಾರ್ಯಕ್ರಮಗಳು ಹೆಚ್ಚಾಗಬೇಕು ಎಂದರು. ಸಪ್ತಾಹದ ಅಂಗವಾಗಿ ನಡೆದ ವಿವಿಧ ಸ್ಪರ್ಧೆಗಳಲ್ಲಿ ವಿಜೇತರಾದ ವಿದ್ಯಾರ್ಥಿಗಳಿಗೆ ಬಹುಮಾನ ವಿತರಿಸಲಾಯಿತು. ಉಪ ಅರಣ್ಯ ಸಂರಕ್ಷಣಾಧಿಕಾರಿ, ವಲಯ ಅರಣ್ಯಾಧಿಕಾರಿಗಳು ಹಾಗೂ ಸಿಬ್ಬಂದಿ ಉಪಸ್ಥಿತರಿದ್ದರು.
